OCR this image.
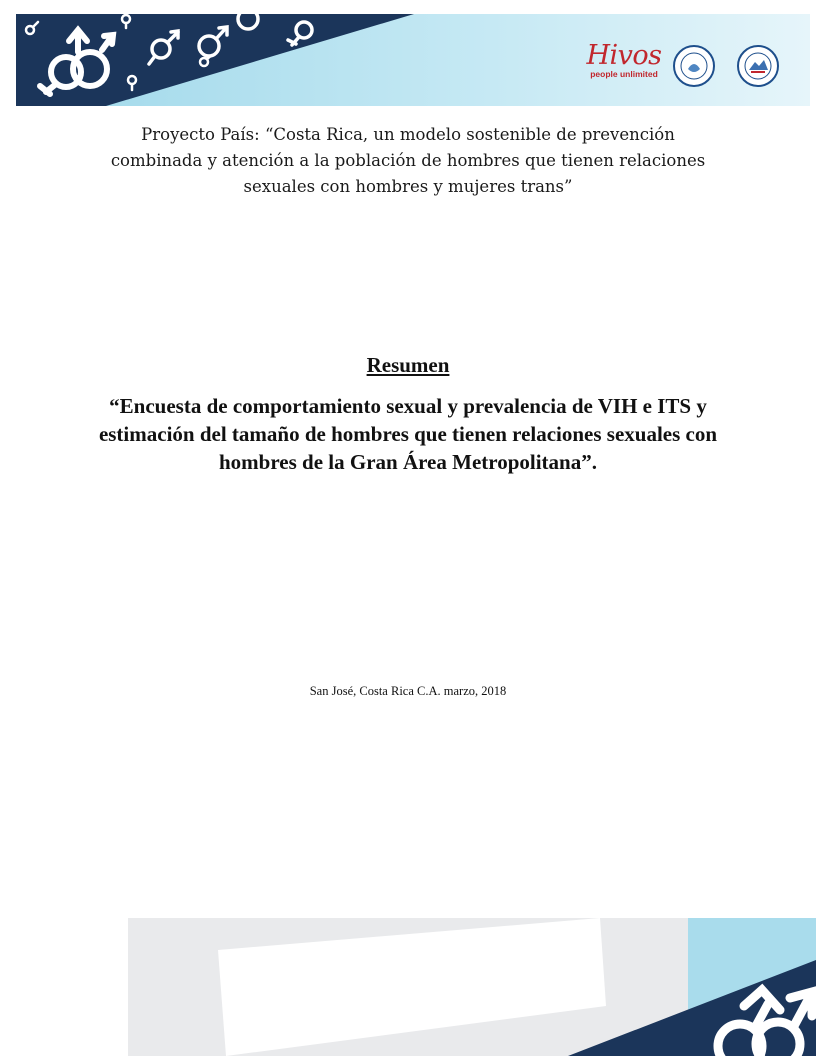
Hivos
people unlimited
Proyecto País: “Costa Rica, un modelo sostenible de prevención combinada y atención a la población de hombres que tienen relaciones sexuales con hombres y mujeres trans”
Resumen
“Encuesta de comportamiento sexual y prevalencia de VIH e ITS y estimación del tamaño de hombres que tienen relaciones sexuales con hombres de la Gran Área Metropolitana”.
San José, Costa Rica C.A. marzo, 2018
